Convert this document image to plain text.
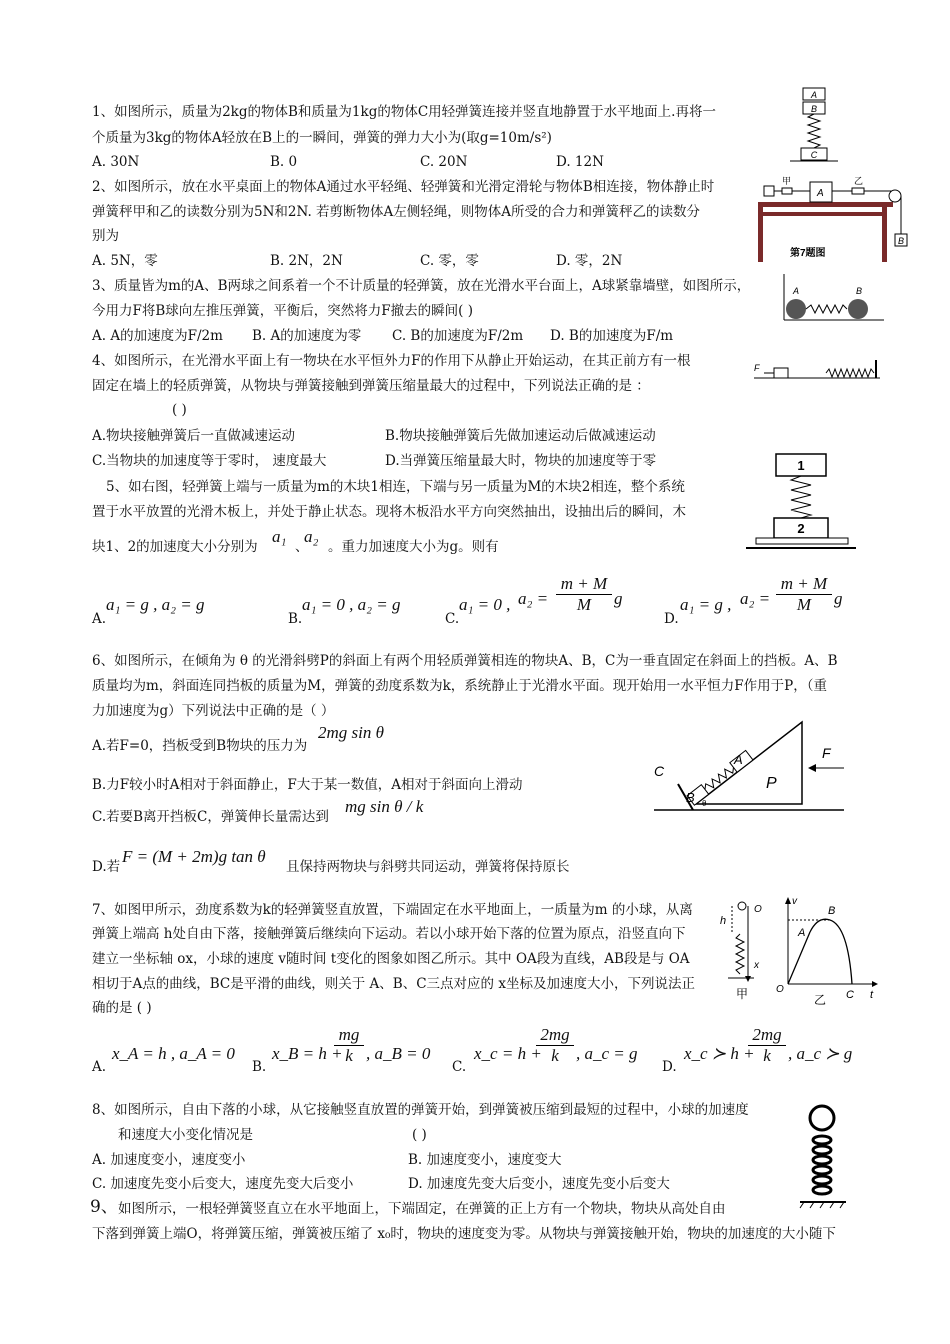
1、如图所示，质量为2kg的物体B和质量为1kg的物体C用轻弹簧连接并竖直地静置于水平地面上.再将一
个质量为3kg的物体A轻放在B上的一瞬间，弹簧的弹力大小为(取g=10m/s²)
A. 30N	B. 0	C. 20N	D. 12N
A
B
C
2、如图所示，放在水平桌面上的物体A通过水平轻绳、轻弹簧和光滑定滑轮与物体B相连接，物体静止时
弹簧秤甲和乙的读数分别为5N和2N. 若剪断物体A左侧轻绳，则物体A所受的合力和弹簧秤乙的读数分
别为
A. 5N，零	B. 2N，2N	C. 零，零	D. 零，2N
甲
A
乙
B
第7题图
3、质量皆为m的A、B两球之间系着一个不计质量的轻弹簧，放在光滑水平台面上，A球紧靠墙壁，如图所示，
今用力F将B球向左推压弹簧，平衡后，突然将力F撤去的瞬间( )
A. A的加速度为F/2m B. A的加速度为零 C. B的加速度为F/2m D. B的加速度为F/m
A	B
4、如图所示，在光滑水平面上有一物块在水平恒外力F的作用下从静止开始运动，在其正前方有一根
固定在墙上的轻质弹簧，从物块与弹簧接触到弹簧压缩量最大的过程中，下列说法正确的是 ：
( )
A.物块接触弹簧后一直做减速运动	B.物块接触弹簧后先做加速运动后做减速运动
C.当物块的加速度等于零时， 速度最大	D.当弹簧压缩量最大时，物块的加速度等于零
F
5、如右图，轻弹簧上端与一质量为m的木块1相连，下端与另一质量为M的木块2相连，整个系统
置于水平放置的光滑木板上，并处于静止状态。现将木板沿水平方向突然抽出，设抽出后的瞬间，木
块1、2的加速度大小分别为
a₁
、
a₂
。重力加速度大小为g。则有
A.
a₁ = g , a₂ = g
B.
a₁ = 0 , a₂ = g
C.
a₁ = 0 , $a_2 = \frac{m + M}{M}$ g
D.
a₁ = g , $a_2 = \frac{m + M}{M}$ g
1
2
6、如图所示，在倾角为 θ 的光滑斜劈P的斜面上有两个用轻质弹簧相连的物块A、B，C为一垂直固定在斜面上的挡板。A、B
质量均为m，斜面连同挡板的质量为M，弹簧的劲度系数为k，系统静止于光滑水平面。现开始用一水平恒力F作用于P，（重
力加速度为g）下列说法中正确的是（ ）
A.若F=0，挡板受到B物块的压力为
2mg sin θ
B.力F较小时A相对于斜面静止，F大于某一数值，A相对于斜面向上滑动
C.若要B离开挡板C，弹簧伸长量需达到
mg sin θ / k
D.若
F = (M + 2m)g tan θ
且保持两物块与斜劈共同运动，弹簧将保持原长
C
A
B
P
F
θ
7、如图甲所示，劲度系数为k的轻弹簧竖直放置，下端固定在水平地面上，一质量为m 的小球，从离
弹簧上端高 h处自由下落，接触弹簧后继续向下运动。若以小球开始下落的位置为原点，沿竖直向下
建立一坐标轴 ox，小球的速度 v随时间 t变化的图象如图乙所示。其中 OA段为直线，AB段是与 OA
相切于A点的曲线，BC是平滑的曲线，则关于 A、B、C三点对应的 x坐标及加速度大小，下列说法正
确的是 ( )
A.
x_A = h , a_A = 0
B.
x_B = h +
$\frac{mg}{k}$ , a_B = 0
C.
x_c = h +
$\frac{2mg}{k}$ , a_c = g
D.
x_c ≻ h +
$\frac{2mg}{k}$ , a_c ≻ g
h
O
x
甲
v
B
A
O	C t
乙
8、如图所示，自由下落的小球，从它接触竖直放置的弹簧开始，到弹簧被压缩到最短的过程中，小球的加速度
和速度大小变化情况是	( )
A. 加速度变小，速度变小	B. 加速度变小，速度变大
C. 加速度先变小后变大，速度先变大后变小	D. 加速度先变大后变小，速度先变小后变大
9、 如图所示，一根轻弹簧竖直立在水平地面上，下端固定，在弹簧的正上方有一个物块，物块从高处自由
下落到弹簧上端O，将弹簧压缩，弹簧被压缩了 x₀时，物块的速度变为零。从物块与弹簧接触开始，物块的加速度的大小随下
